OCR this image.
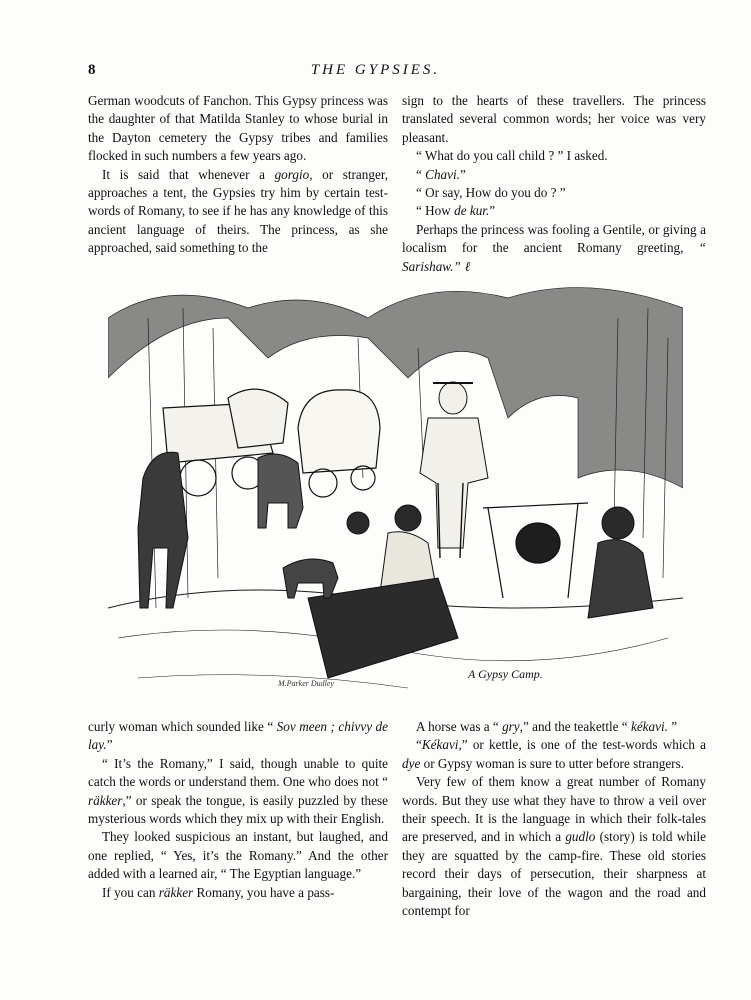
8	THE GYPSIES.

German woodcuts of Fanchon. This Gypsy princess was the daughter of that Matilda Stanley to whose burial in the Dayton cemetery the Gypsy tribes and families flocked in such numbers a few years ago.

It is said that whenever a gorgio, or stranger, approaches a tent, the Gypsies try him by certain test-words of Romany, to see if he has any knowledge of this ancient language of theirs. The princess, as she approached, said something to the

sign to the hearts of these travellers. The princess translated several common words; her voice was very pleasant.

“ What do you call child ? ” I asked.

“ Chavi.”

“ Or say, How do you do ? ”

“ How de kur.”

Perhaps the princess was fooling a Gentile, or giving a localism for the ancient Romany greeting, “ Sarishaw.” ℓ

A Gypsy Camp.
M.Parker Dudley

curly woman which sounded like “ Sov meen ; chivvy de lay.”

“ It’s the Romany,” I said, though unable to quite catch the words or understand them. One who does not “ räkker,” or speak the tongue, is easily puzzled by these mysterious words which they mix up with their English.

They looked suspicious an instant, but laughed, and one replied, “ Yes, it’s the Romany.” And the other added with a learned air, “ The Egyptian language.”

If you can räkker Romany, you have a pass-

A horse was a “ gry,” and the teakettle “ kékavi. ”

“Kékavi,” or kettle, is one of the test-words which a dye or Gypsy woman is sure to utter before strangers.

Very few of them know a great number of Romany words. But they use what they have to throw a veil over their speech. It is the language in which their folk-tales are preserved, and in which a gudlo (story) is told while they are squatted by the camp-fire. These old stories record their days of persecution, their sharpness at bargaining, their love of the wagon and the road and contempt for
